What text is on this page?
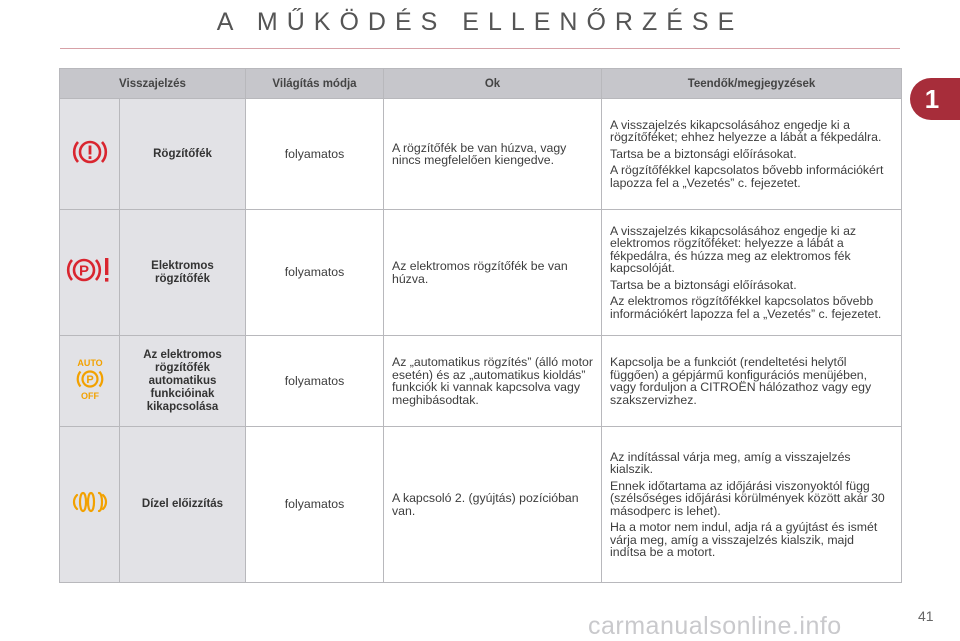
A MŰKÖDÉS ELLENŐRZÉSE
1
Visszajelzés		Világítás módja	Ok	Teendők/megjegyzések
	Rögzítőfék	folyamatos	A rögzítőfék be van húzva, vagy nincs megfelelően kiengedve.	A visszajelzés kikapcsolásához engedje ki a rögzítőféket; ehhez helyezze a lábát a fékpedálra.

Tartsa be a biztonsági előírásokat.

A rögzítőfékkel kapcsolatos bővebb információkért lapozza fel a „Vezetés” c. fejezetet.

P	Elektromos rögzítőfék	folyamatos	Az elektromos rögzítőfék be van húzva.	A visszajelzés kikapcsolásához engedje ki az elektromos rögzítőféket: helyezze a lábát a fékpedálra, és húzza meg az elektromos fék kapcsolóját.

Tartsa be a biztonsági előírásokat.

Az elektromos rögzítőfékkel kapcsolatos bővebb információkért lapozza fel a „Vezetés” c. fejezetet.

AUTO
P
OFF	Az elektromos rögzítőfék automatikus funkcióinak kikapcsolása	folyamatos	Az „automatikus rögzítés” (álló motor esetén) és az „automatikus kioldás” funkciók ki vannak kapcsolva vagy meghibásodtak.	Kapcsolja be a funkciót (rendeltetési helytől függően) a gépjármű konfigurációs menüjében, vagy forduljon a CITROËN hálózathoz vagy egy szakszervizhez.

	Dízel előizzítás	folyamatos	A kapcsoló 2. (gyújtás) pozícióban van.	Az indítással várja meg, amíg a visszajelzés kialszik.

Ennek időtartama az időjárási viszonyoktól függ (szélsőséges időjárási körülmények között akár 30 másodperc is lehet).

Ha a motor nem indul, adja rá a gyújtást és ismét várja meg, amíg a visszajelzés kialszik, majd indítsa be a motort.

carmanualsonline.info	41
